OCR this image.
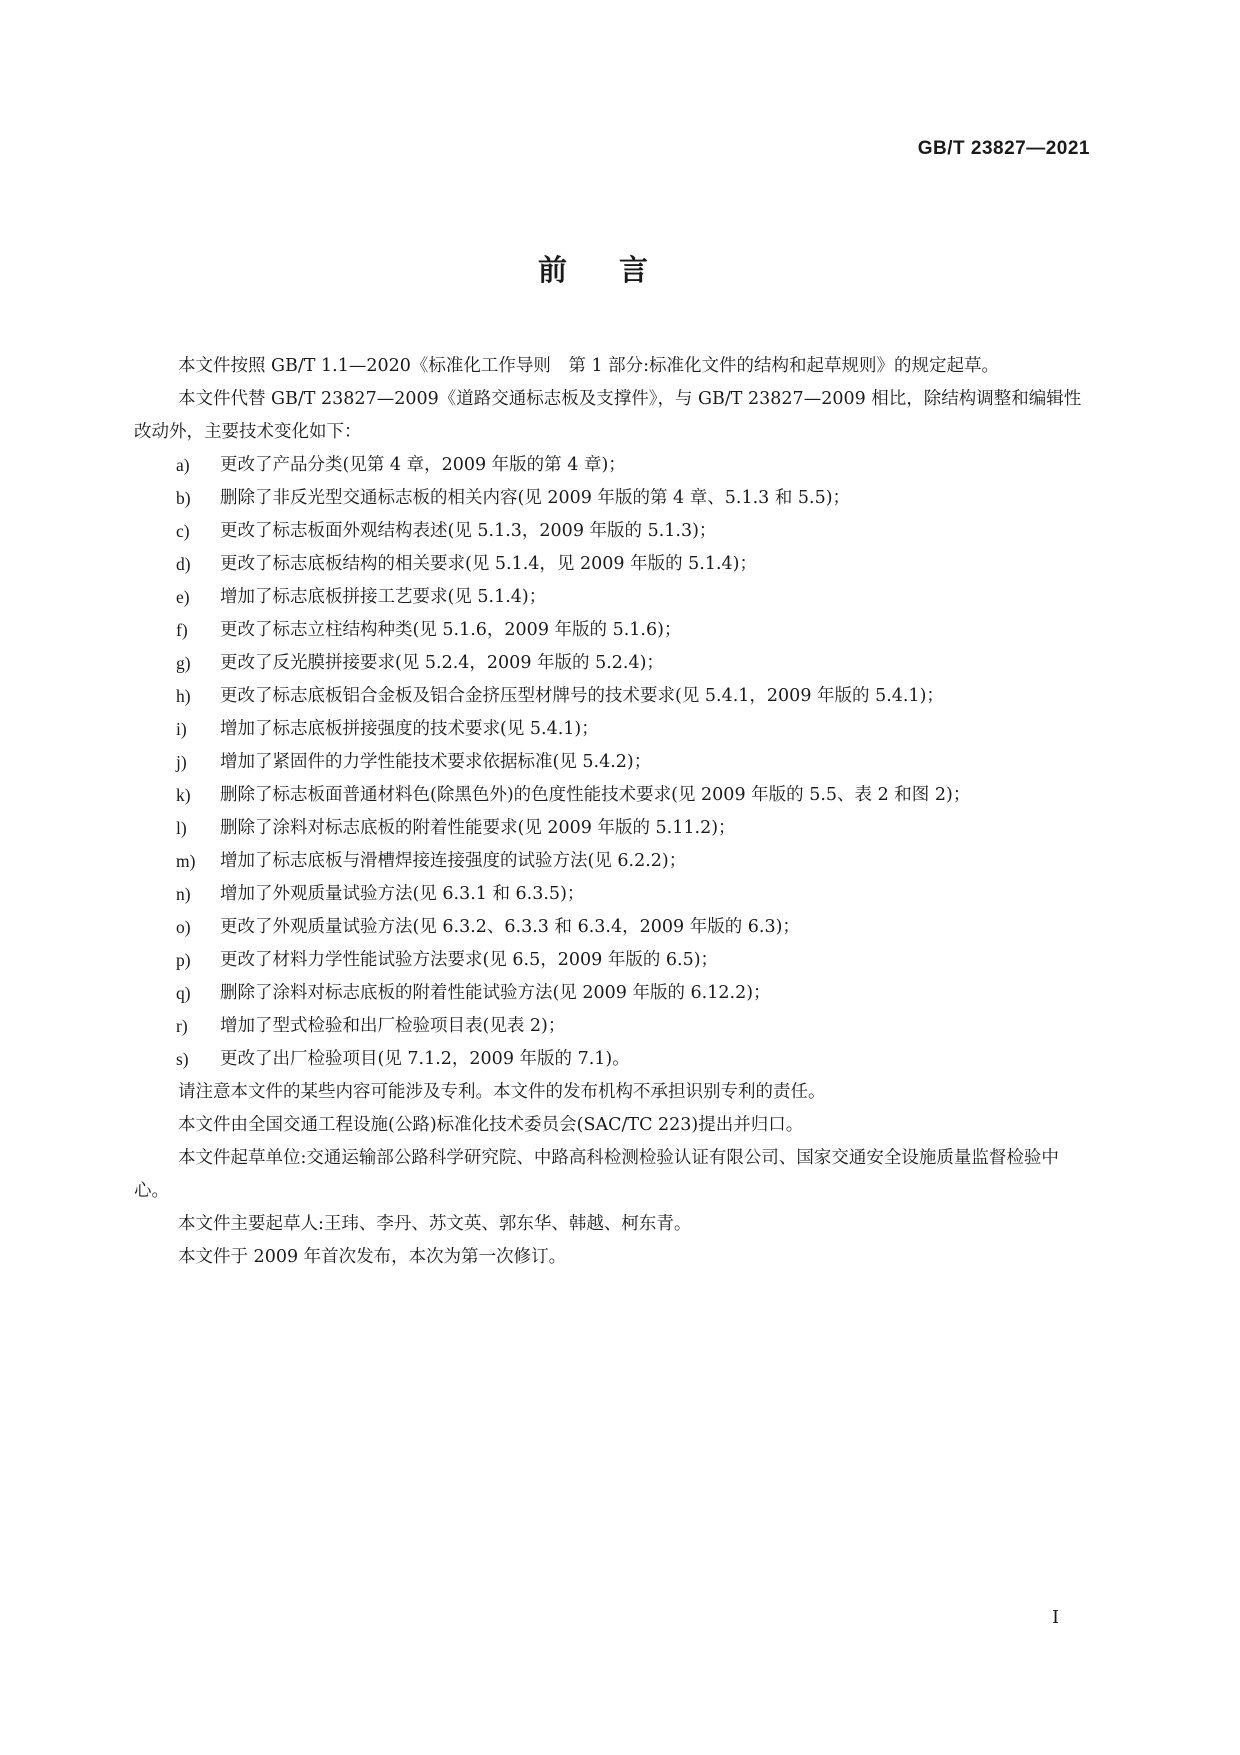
GB/T 23827—2021
前言

本文件按照 GB/T 1.1—2020《标准化工作导则　第 1 部分:标准化文件的结构和起草规则》的规定起草。

本文件代替 GB/T 23827—2009《道路交通标志板及支撑件》，与 GB/T 23827—2009 相比，除结构调整和编辑性改动外，主要技术变化如下：

a)	更改了产品分类(见第 4 章，2009 年版的第 4 章)；

b)	删除了非反光型交通标志板的相关内容(见 2009 年版的第 4 章、5.1.3 和 5.5)；

c)	更改了标志板面外观结构表述(见 5.1.3，2009 年版的 5.1.3)；

d)	更改了标志底板结构的相关要求(见 5.1.4，见 2009 年版的 5.1.4)；

e)	增加了标志底板拼接工艺要求(见 5.1.4)；

f)	更改了标志立柱结构种类(见 5.1.6，2009 年版的 5.1.6)；

g)	更改了反光膜拼接要求(见 5.2.4，2009 年版的 5.2.4)；

h)	更改了标志底板铝合金板及铝合金挤压型材牌号的技术要求(见 5.4.1，2009 年版的 5.4.1)；

i)	增加了标志底板拼接强度的技术要求(见 5.4.1)；

j)	增加了紧固件的力学性能技术要求依据标准(见 5.4.2)；

k)	删除了标志板面普通材料色(除黑色外)的色度性能技术要求(见 2009 年版的 5.5、表 2 和图 2)；

l)	删除了涂料对标志底板的附着性能要求(见 2009 年版的 5.11.2)；

m)	增加了标志底板与滑槽焊接连接强度的试验方法(见 6.2.2)；

n)	增加了外观质量试验方法(见 6.3.1 和 6.3.5)；

o)	更改了外观质量试验方法(见 6.3.2、6.3.3 和 6.3.4，2009 年版的 6.3)；

p)	更改了材料力学性能试验方法要求(见 6.5，2009 年版的 6.5)；

q)	删除了涂料对标志底板的附着性能试验方法(见 2009 年版的 6.12.2)；

r)	增加了型式检验和出厂检验项目表(见表 2)；

s)	更改了出厂检验项目(见 7.1.2，2009 年版的 7.1)。

请注意本文件的某些内容可能涉及专利。本文件的发布机构不承担识别专利的责任。

本文件由全国交通工程设施(公路)标准化技术委员会(SAC/TC 223)提出并归口。

本文件起草单位:交通运输部公路科学研究院、中路高科检测检验认证有限公司、国家交通安全设施质量监督检验中心。

本文件主要起草人:王玮、李丹、苏文英、郭东华、韩越、柯东青。

本文件于 2009 年首次发布，本次为第一次修订。

I
